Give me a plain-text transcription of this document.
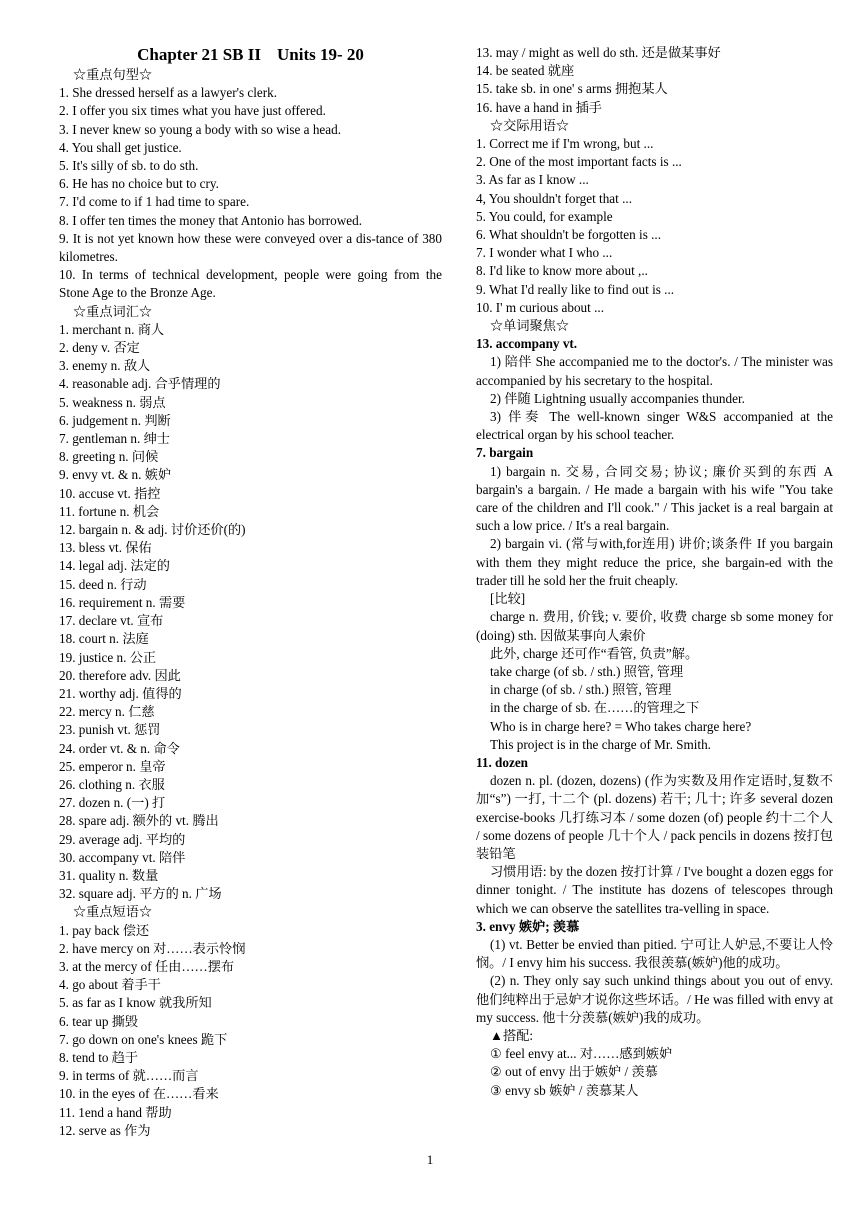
Chapter 21 SB II Units 19- 20

☆重点句型☆

1. She dressed herself as a lawyer's clerk.

2. I offer you six times what you have just offered.

3. I never knew so young a body with so wise a head.

4. You shall get justice.

5. It's silly of sb. to do sth.

6. He has no choice but to cry.

7. I'd come to if 1 had time to spare.

8. I offer ten times the money that Antonio has borrowed.

9. It is not yet known how these were conveyed over a dis-tance of 380 kilometres.

10. In terms of technical development, people were going from the Stone Age to the Bronze Age.

☆重点词汇☆

1. merchant n. 商人

2. deny v. 否定

3. enemy n. 敌人

4. reasonable adj. 合乎情理的

5. weakness n. 弱点

6. judgement n. 判断

7. gentleman n. 绅士

8. greeting n. 问候

9. envy vt. & n. 嫉妒

10. accuse vt. 指控

11. fortune n. 机会

12. bargain n. & adj. 讨价还价(的)

13. bless vt. 保佑

14. legal adj. 法定的

15. deed n. 行动

16. requirement n. 需要

17. declare vt. 宣布

18. court n. 法庭

19. justice n. 公正

20. therefore adv. 因此

21. worthy adj. 值得的

22. mercy n. 仁慈

23. punish vt. 惩罚

24. order vt. & n. 命令

25. emperor n. 皇帝

26. clothing n. 衣服

27. dozen n. (一) 打

28. spare adj. 额外的 vt. 腾出

29. average adj. 平均的

30. accompany vt. 陪伴

31. quality n. 数量

32. square adj. 平方的 n. 广场

☆重点短语☆

1. pay back 偿还

2. have mercy on 对……表示怜悯

3. at the mercy of 任由……摆布

4. go about 着手干

5. as far as I know 就我所知

6. tear up 撕毁

7. go down on one's knees 跪下

8. tend to 趋于

9. in terms of 就……而言

10. in the eyes of 在……看来

11. 1end a hand 帮助

12. serve as 作为

13. may / might as well do sth. 还是做某事好

14. be seated 就座

15. take sb. in one' s arms 拥抱某人

16. have a hand in 插手

☆交际用语☆

1. Correct me if I'm wrong, but ...

2. One of the most important facts is ...

3. As far as I know ...

4, You shouldn't forget that ...

5. You could, for example

6. What shouldn't be forgotten is ...

7. I wonder what I who ...

8. I'd like to know more about ,..

9. What I'd really like to find out is ...

10. I' m curious about ...

☆单词聚焦☆

13. accompany vt.

1) 陪伴 She accompanied me to the doctor's. / The minister was accompanied by his secretary to the hospital.

2) 伴随 Lightning usually accompanies thunder.

3) 伴奏 The well-known singer W&S accompanied at the electrical organ by his school teacher.

7. bargain

1) bargain n. 交易, 合同交易; 协议; 廉价买到的东西 A bargain's a bargain. / He made a bargain with his wife "You take care of the children and I'll cook." / This jacket is a real bargain at such a low price. / It's a real bargain.

2) bargain vi. (常与with,for连用) 讲价;谈条件 If you bargain with them they might reduce the price, she bargain-ed with the trader till he sold her the fruit cheaply.

[比较]

charge n. 费用, 价钱; v. 要价, 收费 charge sb some money for (doing) sth. 因做某事向人索价

此外, charge 还可作“看管, 负责”解。

take charge (of sb. / sth.) 照管, 管理

in charge (of sb. / sth.) 照管, 管理

in the charge of sb. 在……的管理之下

Who is in charge here? = Who takes charge here?

This project is in the charge of Mr. Smith.

11. dozen

dozen n. pl. (dozen, dozens) (作为实数及用作定语时,复数不加“s”) 一打, 十二个 (pl. dozens) 若干; 几十; 许多 several dozen exercise-books 几打练习本 / some dozen (of) people 约十二个人 / some dozens of people 几十个人 / pack pencils in dozens 按打包装铅笔

习惯用语: by the dozen 按打计算 / I've bought a dozen eggs for dinner tonight. / The institute has dozens of telescopes through which we can observe the satellites tra-velling in space.

3. envy 嫉妒; 羡慕

(1) vt. Better be envied than pitied. 宁可让人妒忌,不要让人怜悯。/ I envy him his success. 我很羡慕(嫉妒)他的成功。

(2) n. They only say such unkind things about you out of envy. 他们纯粹出于忌妒才说你这些坏话。/ He was filled with envy at my success. 他十分羡慕(嫉妒)我的成功。

▲搭配:

① feel envy at... 对……感到嫉妒

② out of envy 出于嫉妒 / 羡慕

③ envy sb 嫉妒 / 羡慕某人

1
